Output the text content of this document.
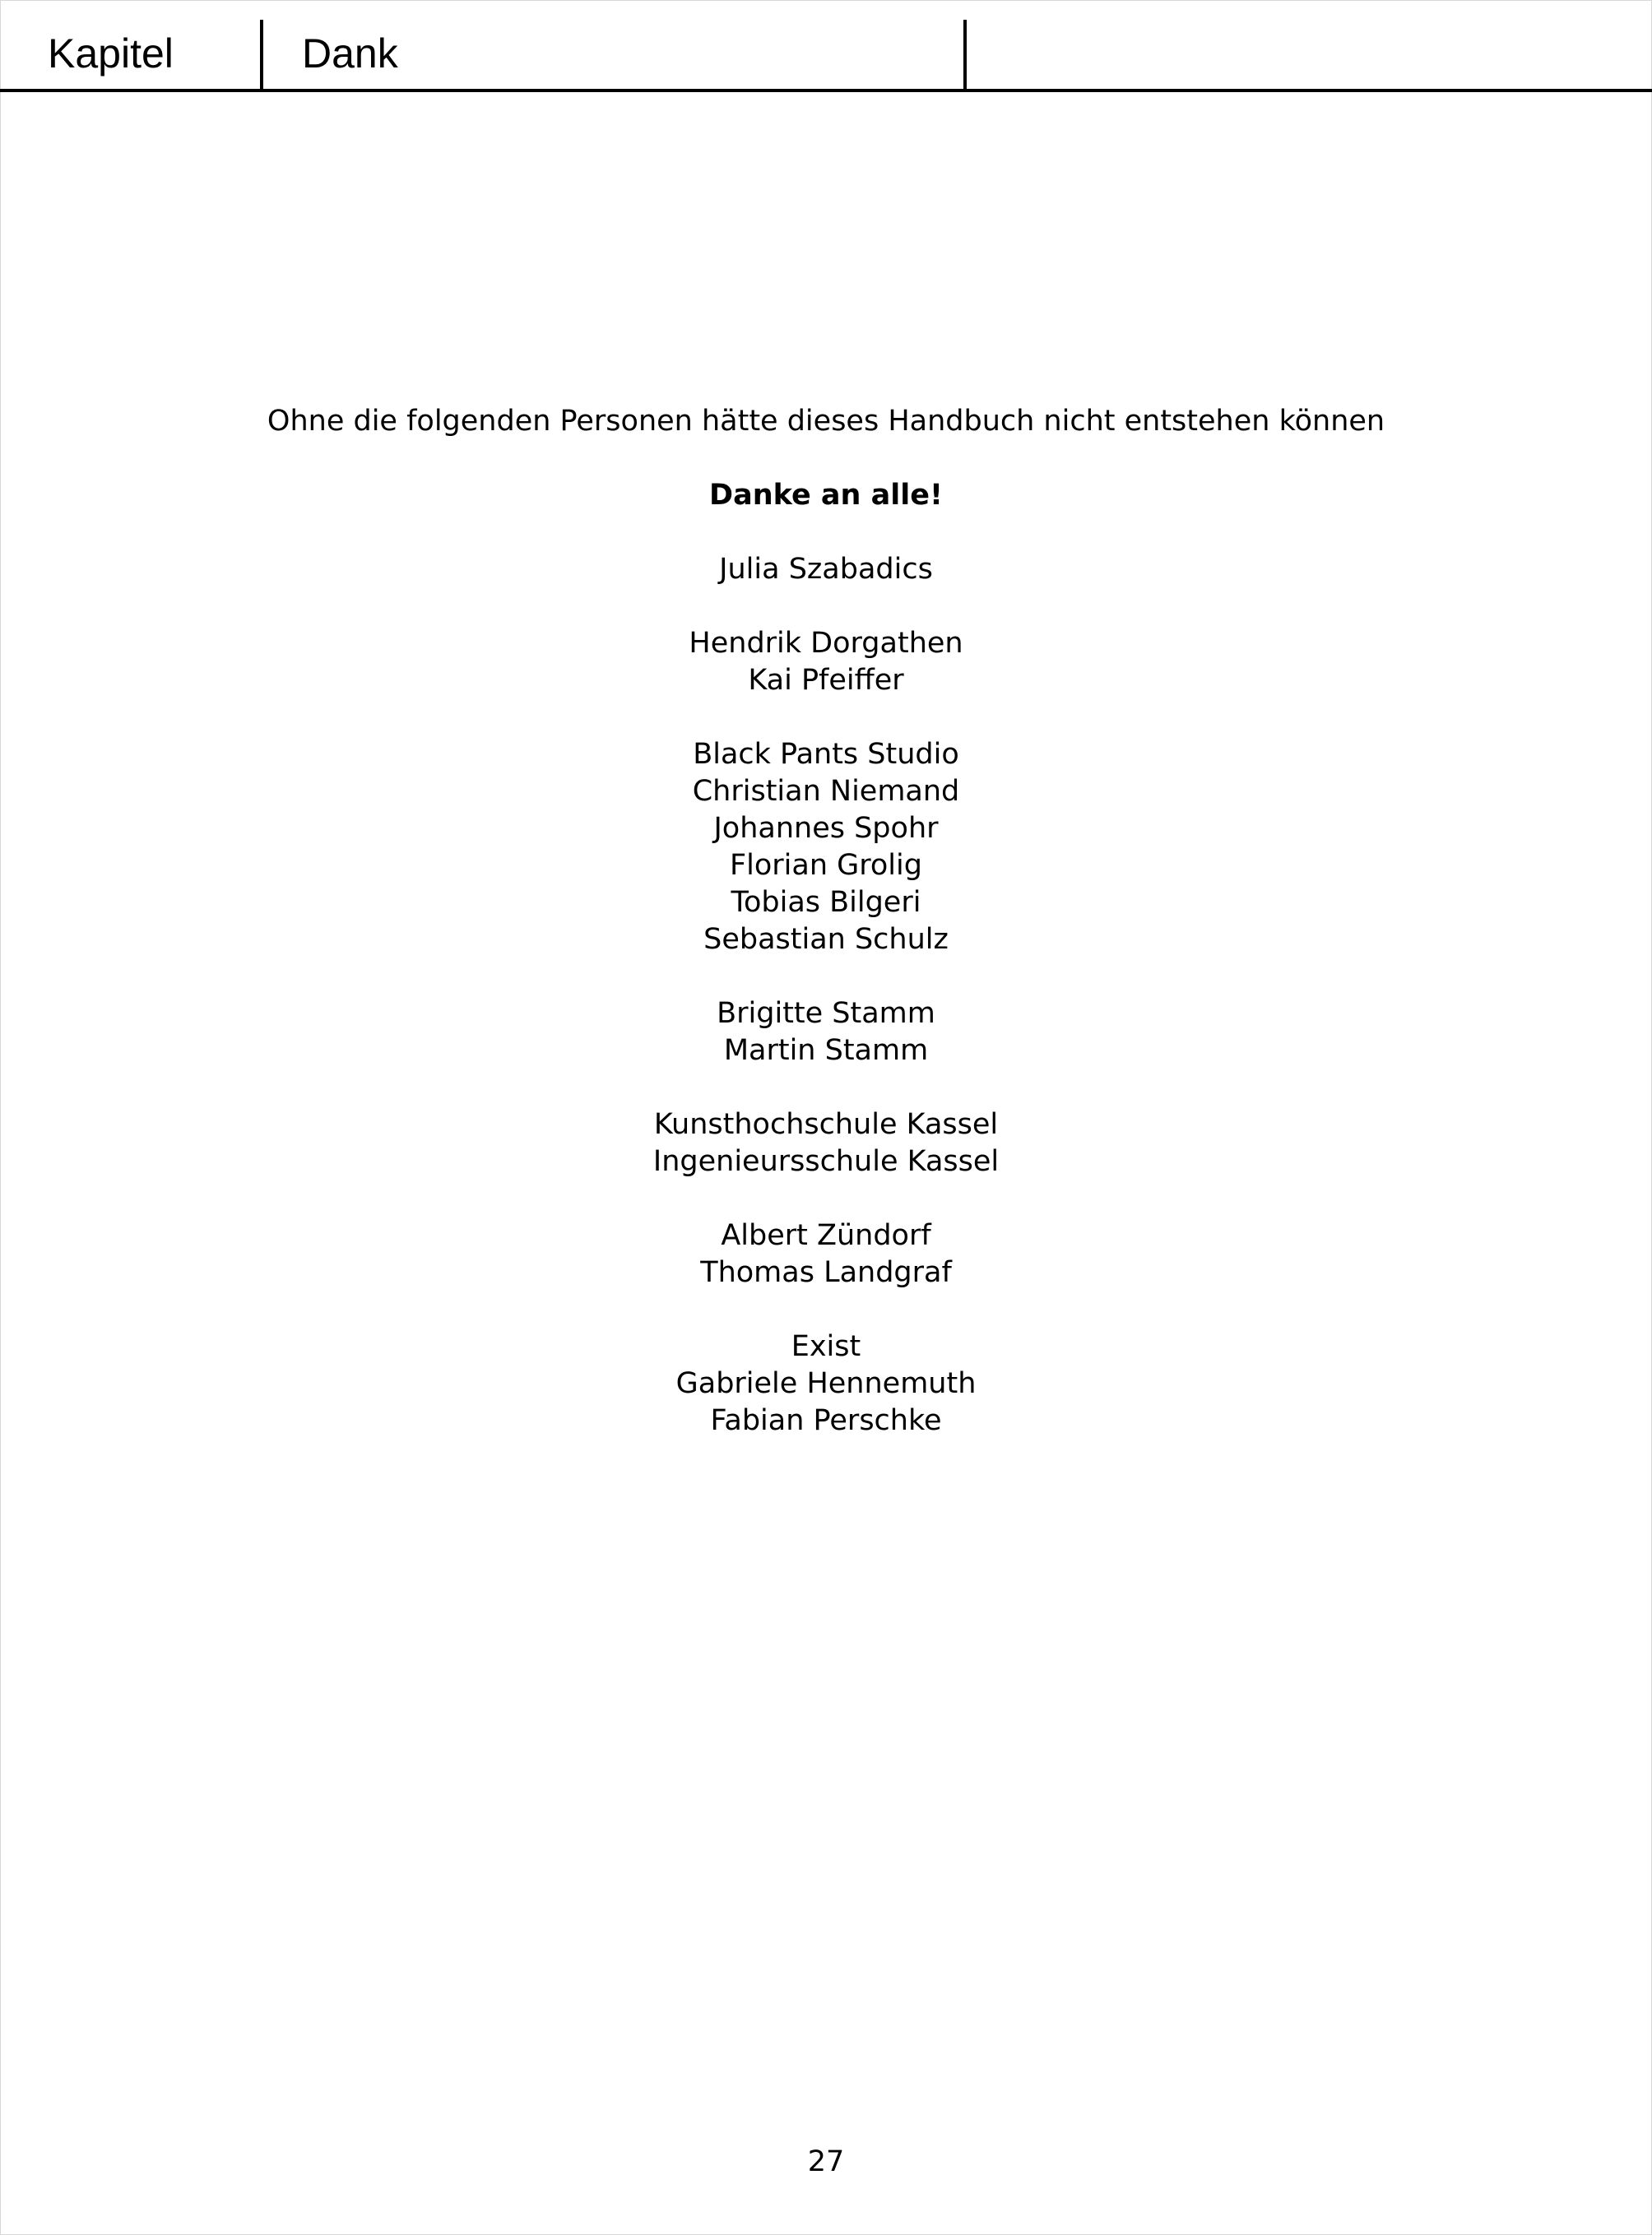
Kapitel	Dank
Ohne die folgenden Personen hätte dieses Handbuch nicht entstehen können
Danke an alle!
Julia Szabadics
Hendrik Dorgathen
Kai Pfeiffer
Black Pants Studio
Christian Niemand
Johannes Spohr
Florian Grolig
Tobias Bilgeri
Sebastian Schulz
Brigitte Stamm
Martin Stamm
Kunsthochschule Kassel
Ingenieursschule Kassel
Albert Zündorf
Thomas Landgraf
Exist
Gabriele Hennemuth
Fabian Perschke
27
